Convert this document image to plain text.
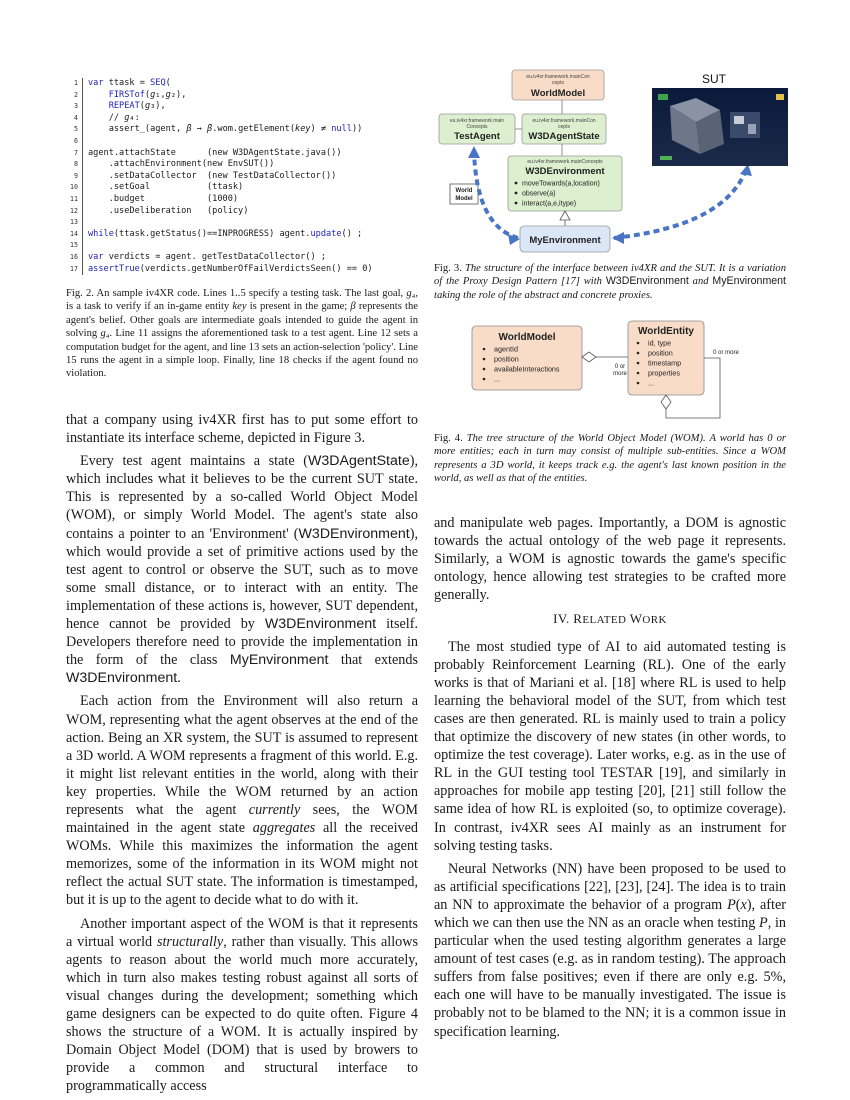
1 var ttask = SEQ(
2	FIRSTof(g₁,g₂),
3	REPEAT(g₃),
4 // g₄:
5 assert_(agent, β → β.wom.getElement(key) ≠ null))
6
7 agent.attachState      (new W3DAgentState.java())
8 .attachEnvironment(new EnvSUT())
9 .setDataCollector  (new TestDataCollector())
10 .setGoal           (ttask)
11 .budget            (1000)
12 .useDeliberation   (policy)
13
14 while(ttask.getStatus()==INPROGRESS) agent.update() ;
15
16 var verdicts = agent. getTestDataCollector() ;
17 assertTrue(verdicts.getNumberOfFailVerdictsSeen() == 0)
Fig. 2. An sample iv4XR code. Lines 1..5 specify a testing task. The last goal, g₄, is a task to verify if an in-game entity key is present in the game; β represents the agent's belief. Other goals are intermediate goals intended to guide the agent in solving g₄. Line 11 assigns the aforementioned task to a test agent. Line 12 sets a computation budget for the agent, and line 13 sets an action-selection 'policy'. Line 15 runs the agent in a simple loop. Finally, line 18 checks if the agent found no violation.
eu.iv4xr.framework.mainCon
cepts
WorldModel
eu.iv4xr.framework.mainCon
cepts
W3DAgentState
eu.iv4xr.framework.main
Concepts
TestAgent
eu.iv4xr.framework.mainConcepts
W3DEnvironment
moveTowards(a,location)
observe(a)
interact(a,e,itype)
MyEnvironment
World
Model
SUT
Fig. 3. The structure of the interface between iv4XR and the SUT. It is a variation of the Proxy Design Pattern [17] with W3DEnvironment and MyEnvironment taking the role of the abstract and concrete proxies.
WorldModel
agentId
position
availableInteractions
...
0 or
more
WorldEntity
id, type
position
timestamp
properties
...
0 or more
Fig. 4. The tree structure of the World Object Model (WOM). A world has 0 or more entities; each in turn may consist of multiple sub-entities. Since a WOM represents a 3D world, it keeps track e.g. the agent's last known position in the world, as well as that of the entities.

that a company using iv4XR first has to put some effort to instantiate its interface scheme, depicted in Figure 3.

Every test agent maintains a state (W3DAgentState), which includes what it believes to be the current SUT state. This is represented by a so-called World Object Model (WOM), or simply World Model. The agent's state also contains a pointer to an 'Environment' (W3DEnvironment), which would provide a set of primitive actions used by the test agent to control or observe the SUT, such as to move some small distance, or to interact with an entity. The implementation of these actions is, however, SUT dependent, hence cannot be provided by W3DEnvironment itself. Developers therefore need to provide the implementation in the form of the class MyEnvironment that extends W3DEnvironment.

Each action from the Environment will also return a WOM, representing what the agent observes at the end of the action. Being an XR system, the SUT is assumed to represent a 3D world. A WOM represents a fragment of this world. E.g. it might list relevant entities in the world, along with their key properties. While the WOM returned by an action represents what the agent currently sees, the WOM maintained in the agent state aggregates all the received WOMs. While this maximizes the information the agent memorizes, some of the information in its WOM might not reflect the actual SUT state. The information is timestamped, but it is up to the agent to decide what to do with it.

Another important aspect of the WOM is that it represents a virtual world structurally, rather than visually. This allows agents to reason about the world much more accurately, which in turn also makes testing robust against all sorts of visual changes during the development; something which game designers can be expected to do quite often. Figure 4 shows the structure of a WOM. It is actually inspired by Domain Object Model (DOM) that is used by browers to provide a common and structural interface to programmatically access

and manipulate web pages. Importantly, a DOM is agnostic towards the actual ontology of the web page it represents. Similarly, a WOM is agnostic towards the game's specific ontology, hence allowing test strategies to be crafted more generally.

IV. RELATED WORK

The most studied type of AI to aid automated testing is probably Reinforcement Learning (RL). One of the early works is that of Mariani et al. [18] where RL is used to help learning the behavioral model of the SUT, from which test cases are then generated. RL is mainly used to train a policy that optimize the discovery of new states (in other words, to optimize the test coverage). Later works, e.g. as in the use of RL in the GUI testing tool TESTAR [19], and similarly in approaches for mobile app testing [20], [21] still follow the same idea of how RL is exploited (so, to optimize coverage). In contrast, iv4XR sees AI mainly as an instrument for solving testing tasks.

Neural Networks (NN) have been proposed to be used to as artificial specifications [22], [23], [24]. The idea is to train an NN to approximate the behavior of a program P(x), after which we can then use the NN as an oracle when testing P, in particular when the used testing algorithm generates a large amount of test cases (e.g. as in random testing). The approach suffers from false positives; even if there are only e.g. 5%, each one will have to be manually investigated. The issue is probably not to be blamed to the NN; it is a common issue in specification learning.
